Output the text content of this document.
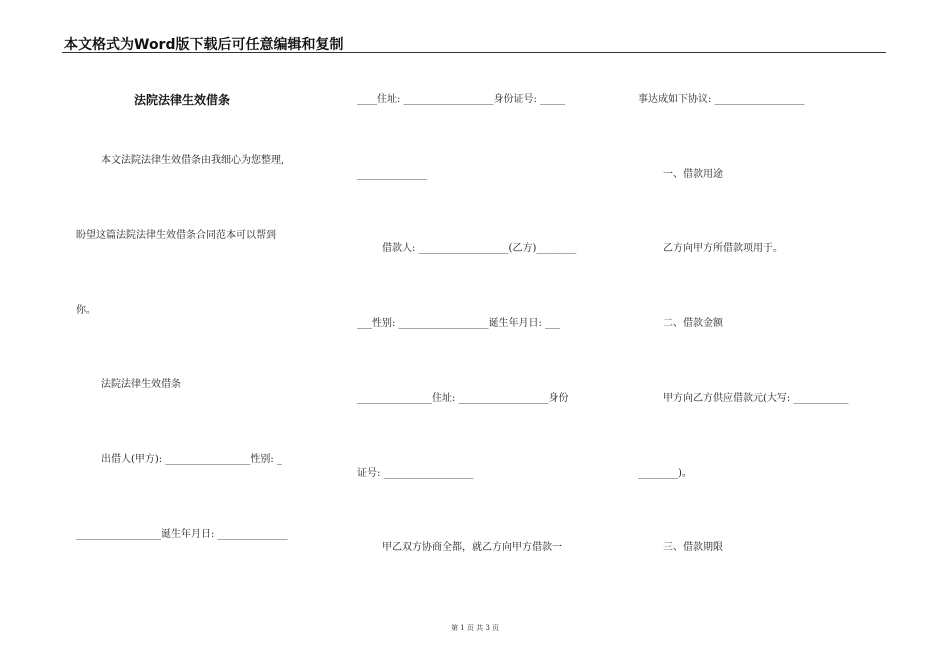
本文格式为Word版下载后可任意编辑和复制
法院法律生效借条
本文法院法律生效借条由我细心为您整理,
盼望这篇法院法律生效借条合同范本可以帮到
你。
法院法律生效借条
出借人(甲方): _________________性别: _
_________________诞生年月日: ______________
____住址: __________________身份证号: _____
______________
借款人: __________________(乙方)________
___性别: __________________诞生年月日: ___
_______________住址: __________________身份
证号: __________________
甲乙双方协商全都，就乙方向甲方借款一
事达成如下协议: __________________
一、借款用途
乙方向甲方所借款项用于。
二、借款金额
甲方向乙方供应借款元(大写: ___________
________)。
三、借款期限
第 1 页 共 3 页
